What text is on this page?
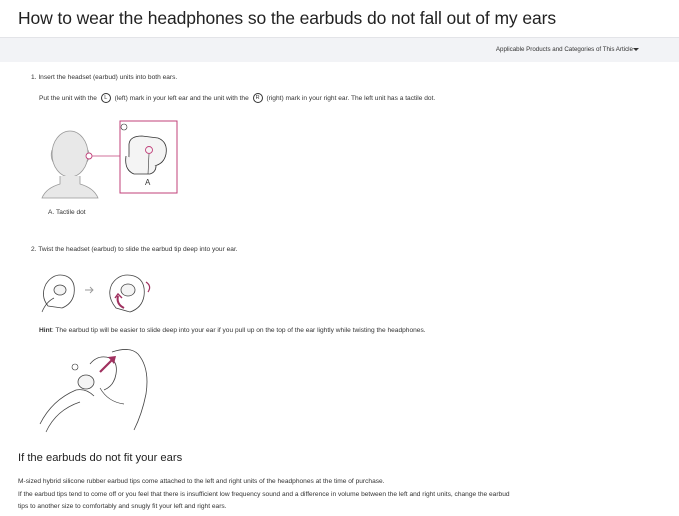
How to wear the headphones so the earbuds do not fall out of my ears
Applicable Products and Categories of This Article
1. Insert the headset (earbud) units into both ears.
Put the unit with the L (left) mark in your left ear and the unit with the R (right) mark in your right ear. The left unit has a tactile dot.
A
A. Tactile dot
2. Twist the headset (earbud) to slide the earbud tip deep into your ear.
Hint: The earbud tip will be easier to slide deep into your ear if you pull up on the top of the ear lightly while twisting the headphones.
If the earbuds do not fit your ears
M-sized hybrid silicone rubber earbud tips come attached to the left and right units of the headphones at the time of purchase.
If the earbud tips tend to come off or you feel that there is insufficient low frequency sound and a difference in volume between the left and right units, change the earbud
tips to another size to comfortably and snugly fit your left and right ears.
